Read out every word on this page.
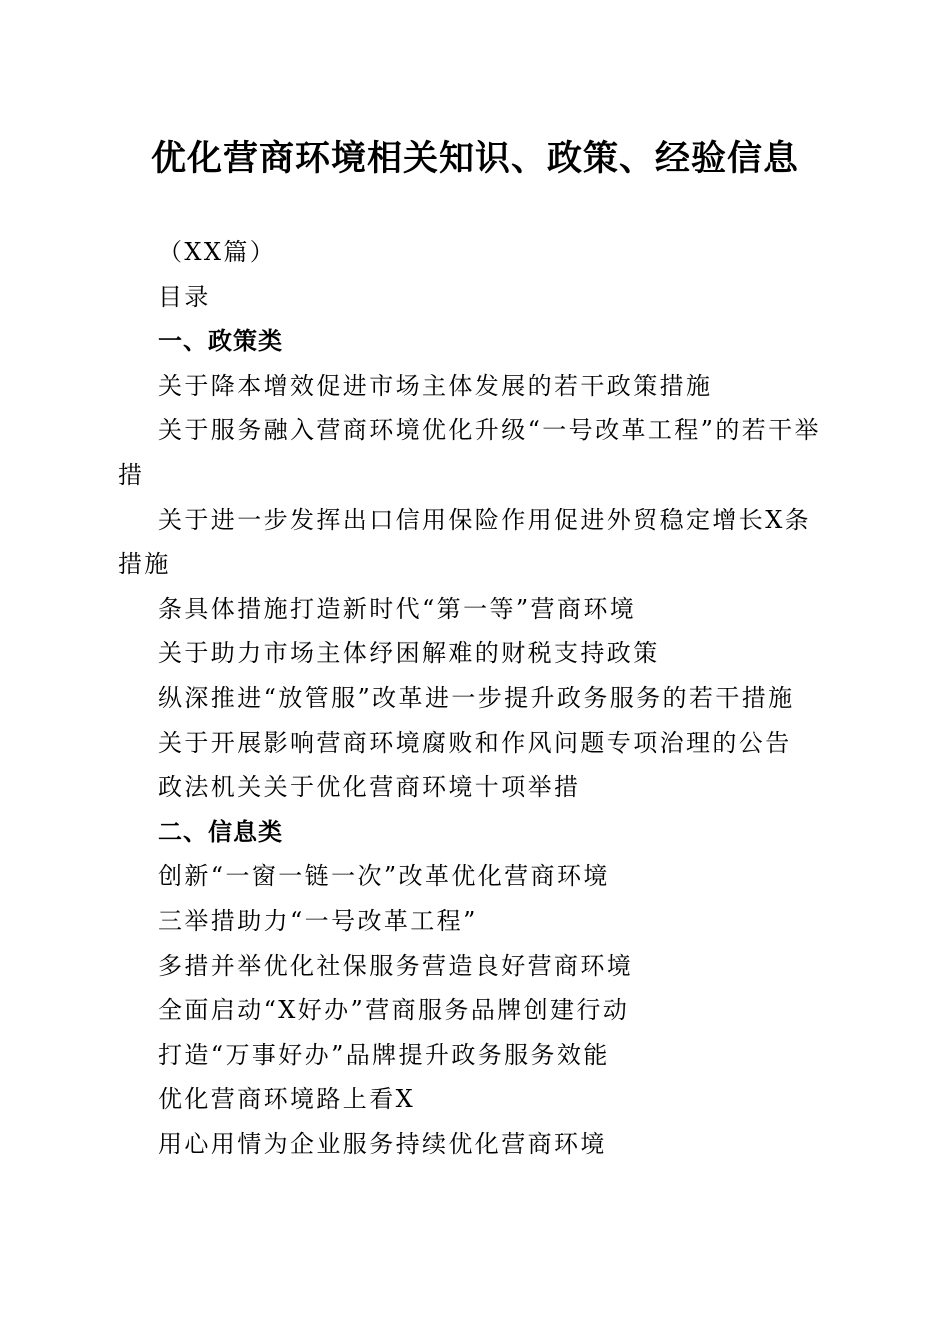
优化营商环境相关知识、政策、经验信息

（XX篇）

目录

一、政策类

关于降本增效促进市场主体发展的若干政策措施

关于服务融入营商环境优化升级“一号改革工程”的若干举措

关于进一步发挥出口信用保险作用促进外贸稳定增长X条措施

条具体措施打造新时代“第一等”营商环境

关于助力市场主体纾困解难的财税支持政策

纵深推进“放管服”改革进一步提升政务服务的若干措施

关于开展影响营商环境腐败和作风问题专项治理的公告

政法机关关于优化营商环境十项举措

二、信息类

创新“一窗一链一次”改革优化营商环境

三举措助力“一号改革工程”

多措并举优化社保服务营造良好营商环境

全面启动“X好办”营商服务品牌创建行动

打造“万事好办”品牌提升政务服务效能

优化营商环境路上看X

用心用情为企业服务持续优化营商环境
